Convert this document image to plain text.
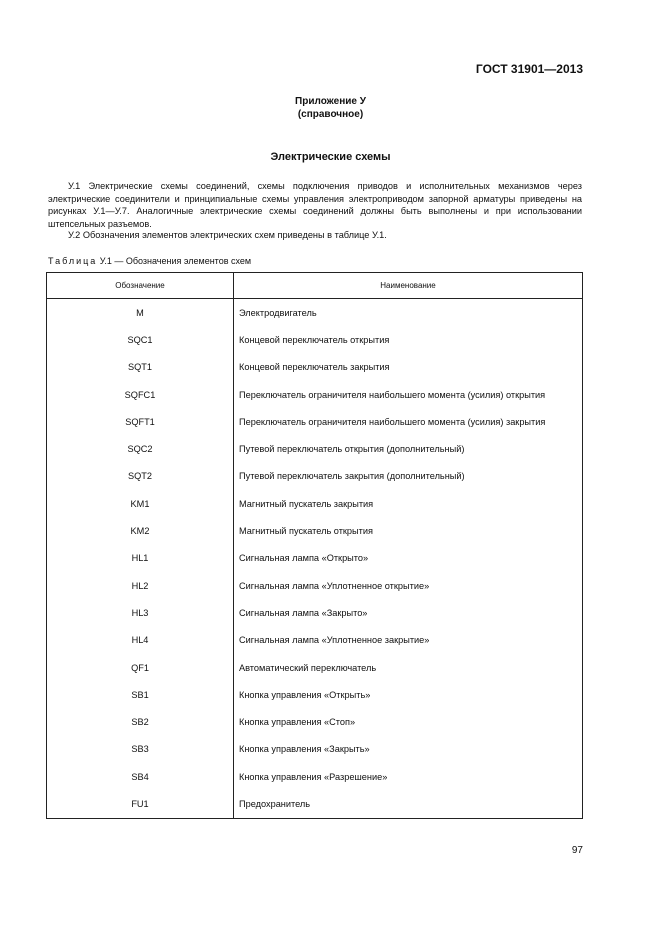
ГОСТ 31901—2013
Приложение У
(справочное)
Электрические схемы

У.1 Электрические схемы соединений, схемы подключения приводов и исполнительных механизмов через электрические соединители и принципиальные схемы управления электроприводом запорной арматуры приведены на рисунках У.1—У.7. Аналогичные электрические схемы соединений должны быть выполнены и при использовании штепсельных разъемов.

У.2 Обозначения элементов электрических схем приведены в таблице У.1.

Таблица У.1 — Обозначения элементов схем
Обозначение	Наименование
M	Электродвигатель
SQC1	Концевой переключатель открытия
SQT1	Концевой переключатель закрытия
SQFC1	Переключатель ограничителя наибольшего момента (усилия) открытия
SQFT1	Переключатель ограничителя наибольшего момента (усилия) закрытия
SQC2	Путевой переключатель открытия (дополнительный)
SQT2	Путевой переключатель закрытия (дополнительный)
KM1	Магнитный пускатель закрытия
KM2	Магнитный пускатель открытия
HL1	Сигнальная лампа «Открыто»
HL2	Сигнальная лампа «Уплотненное открытие»
HL3	Сигнальная лампа «Закрыто»
HL4	Сигнальная лампа «Уплотненное закрытие»
QF1	Автоматический переключатель
SB1	Кнопка управления «Открыть»
SB2	Кнопка управления «Стоп»
SB3	Кнопка управления «Закрыть»
SB4	Кнопка управления «Разрешение»
FU1	Предохранитель
97
